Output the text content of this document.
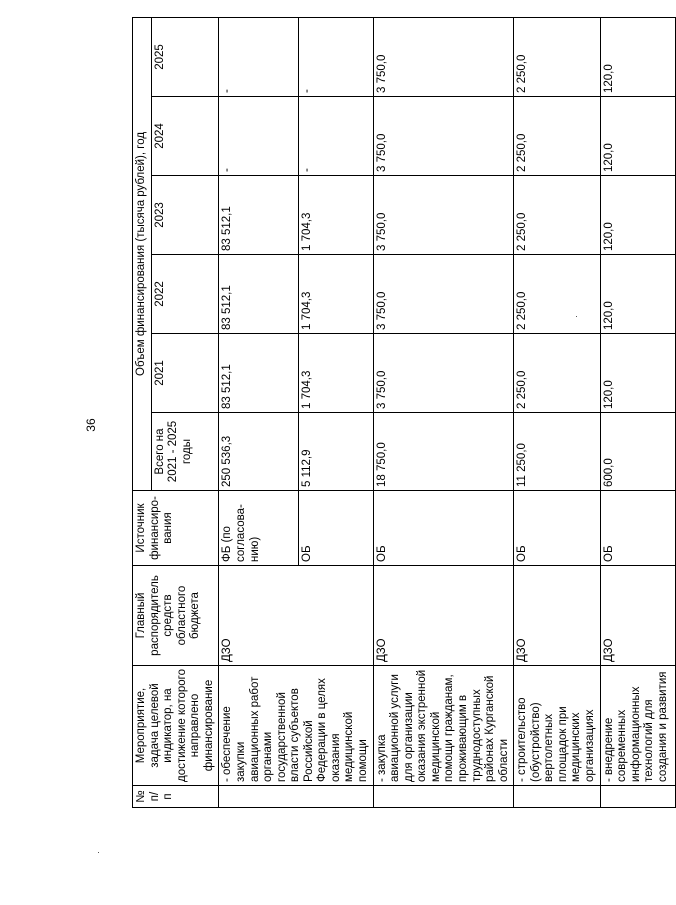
36
№ п/п	Мероприятие, задача целевой индикатор, на достижение которого направлено финансирование	Главный распорядитель средств областного бюджета	Источник финансиро-вания	Объем финансирования (тысяча рублей), год					
				Всего на 2021 - 2025 годы	2021	2022	2023	2024	2025
	- обеспечение закупки авиационных работ органами государственной власти субъектов Российской Федерации в целях оказания медицинской помощи	ДЗО	ФБ (по согласова-нию)	250 536,3	83 512,1	83 512,1	83 512,1	-	-
			ОБ	5 112,9	1 704,3	1 704,3	1 704,3	-	-
	- закупка авиационной услуги для организации оказания экстренной медицинской помощи гражданам, проживающим в труднодоступных районах Курганской области	ДЗО	ОБ	18 750,0	3 750,0	3 750,0	3 750,0	3 750,0	3 750,0
	- строительство (обустройство) вертолетных площадок при медицинских организациях	ДЗО	ОБ	11 250,0	2 250,0	2 250,0	2 250,0	2 250,0	2 250,0
	- внедрение современных информационных технологий для создания и развития	ДЗО	ОБ	600,0	120,0	120,0	120,0	120,0	120,0
